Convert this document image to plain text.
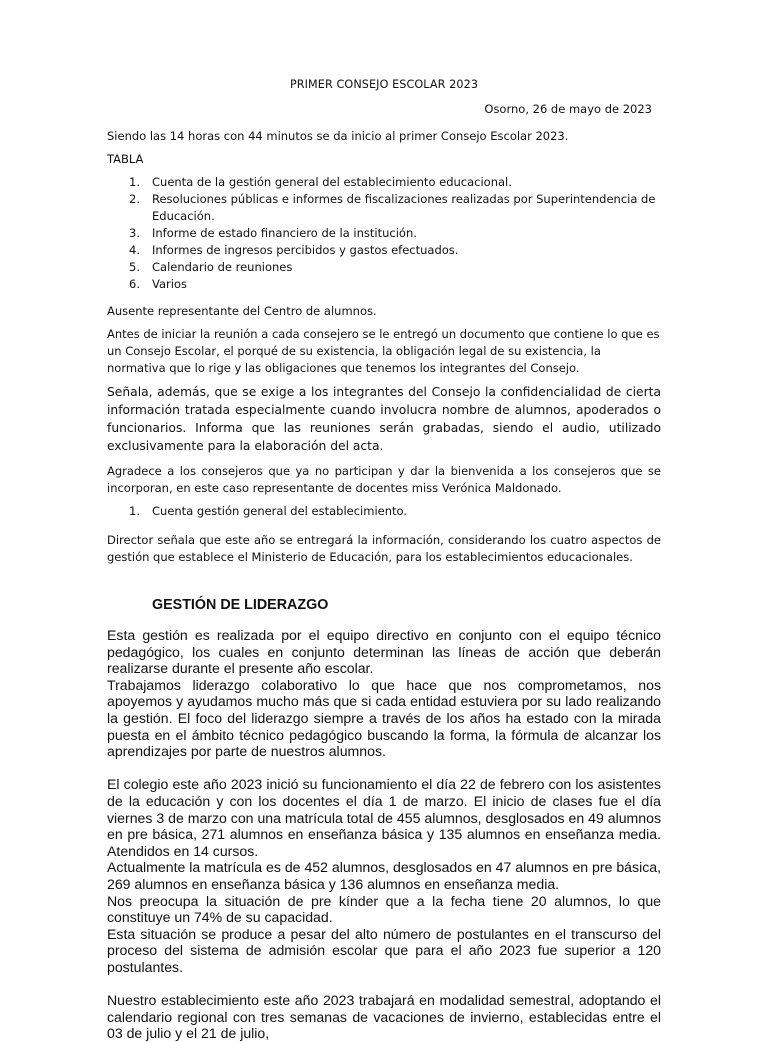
PRIMER CONSEJO ESCOLAR 2023
Osorno, 26 de mayo de 2023
Siendo las 14 horas con 44 minutos se da inicio al primer Consejo Escolar 2023.
TABLA
1. Cuenta de la gestión general del establecimiento educacional.
2. Resoluciones públicas e informes de fiscalizaciones realizadas por Superintendencia de Educación.
3. Informe de estado financiero de la institución.
4. Informes de ingresos percibidos y gastos efectuados.
5. Calendario de reuniones
6. Varios
Ausente representante del Centro de alumnos.
Antes de iniciar la reunión a cada consejero se le entregó un documento que contiene lo que es un Consejo Escolar, el porqué de su existencia, la obligación legal de su existencia, la normativa que lo rige y las obligaciones que tenemos los integrantes del Consejo.
Señala, además, que se exige a los integrantes del Consejo la confidencialidad de cierta información tratada especialmente cuando involucra nombre de alumnos, apoderados o funcionarios. Informa que las reuniones serán grabadas, siendo el audio, utilizado exclusivamente para la elaboración del acta.
Agradece a los consejeros que ya no participan y dar la bienvenida a los consejeros que se incorporan, en este caso representante de docentes miss Verónica Maldonado.
1. Cuenta gestión general del establecimiento.
Director señala que este año se entregará la información, considerando los cuatro aspectos de gestión que establece el Ministerio de Educación, para los establecimientos educacionales.
GESTIÓN DE LIDERAZGO

Esta gestión es realizada por el equipo directivo en conjunto con el equipo técnico pedagógico, los cuales en conjunto determinan las líneas de acción que deberán realizarse durante el presente año escolar.

Trabajamos liderazgo colaborativo lo que hace que nos comprometamos, nos apoyemos y ayudamos mucho más que si cada entidad estuviera por su lado realizando la gestión. El foco del liderazgo siempre a través de los años ha estado con la mirada puesta en el ámbito técnico pedagógico buscando la forma, la fórmula de alcanzar los aprendizajes por parte de nuestros alumnos.

El colegio este año 2023 inició su funcionamiento el día 22 de febrero con los asistentes de la educación y con los docentes el día 1 de marzo. El inicio de clases fue el día viernes 3 de marzo con una matrícula total de 455 alumnos, desglosados en 49 alumnos en pre básica, 271 alumnos en enseñanza básica y 135 alumnos en enseñanza media. Atendidos en 14 cursos.

Actualmente la matrícula es de 452 alumnos, desglosados en 47 alumnos en pre básica, 269 alumnos en enseñanza básica y 136 alumnos en enseñanza media.

Nos preocupa la situación de pre kínder que a la fecha tiene 20 alumnos, lo que constituye un 74% de su capacidad.

Esta situación se produce a pesar del alto número de postulantes en el transcurso del proceso del sistema de admisión escolar que para el año 2023 fue superior a 120 postulantes.

Nuestro establecimiento este año 2023 trabajará en modalidad semestral, adoptando el calendario regional con tres semanas de vacaciones de invierno, establecidas entre el 03 de julio y el 21 de julio,
